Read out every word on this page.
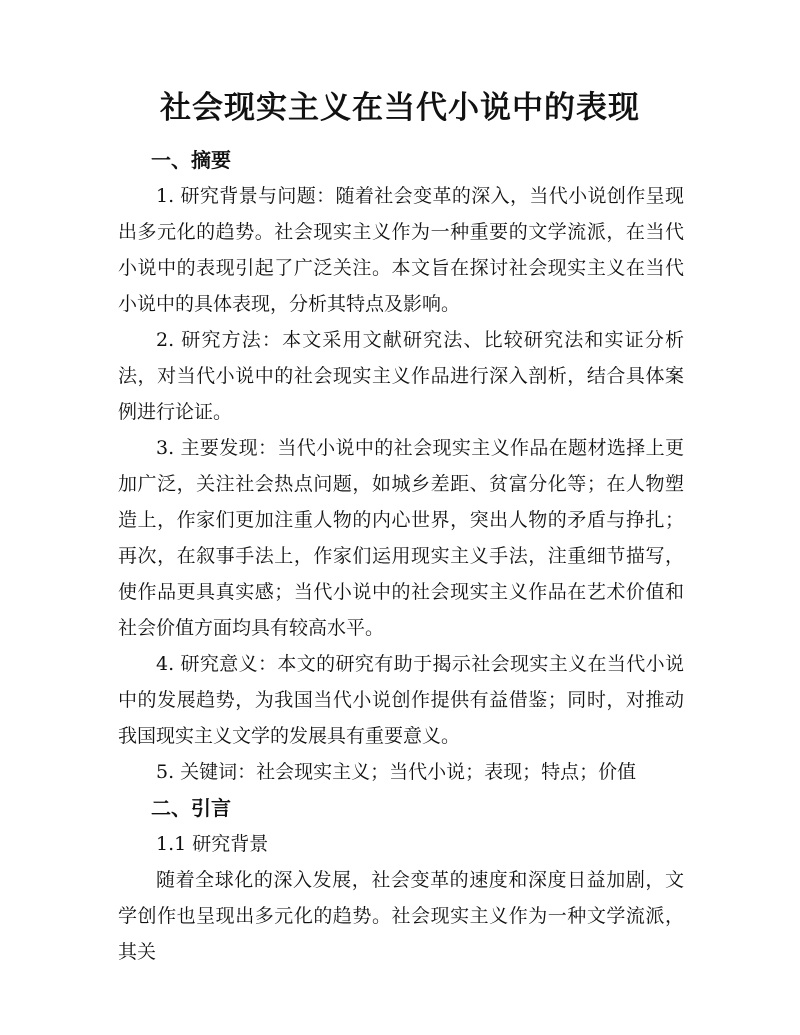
社会现实主义在当代小说中的表现
一、摘要

1. 研究背景与问题：随着社会变革的深入，当代小说创作呈现出多元化的趋势。社会现实主义作为一种重要的文学流派，在当代小说中的表现引起了广泛关注。本文旨在探讨社会现实主义在当代小说中的具体表现，分析其特点及影响。

2. 研究方法：本文采用文献研究法、比较研究法和实证分析法，对当代小说中的社会现实主义作品进行深入剖析，结合具体案例进行论证。

3. 主要发现：当代小说中的社会现实主义作品在题材选择上更加广泛，关注社会热点问题，如城乡差距、贫富分化等；在人物塑造上，作家们更加注重人物的内心世界，突出人物的矛盾与挣扎；再次，在叙事手法上，作家们运用现实主义手法，注重细节描写，使作品更具真实感；当代小说中的社会现实主义作品在艺术价值和社会价值方面均具有较高水平。

4. 研究意义：本文的研究有助于揭示社会现实主义在当代小说中的发展趋势，为我国当代小说创作提供有益借鉴；同时，对推动我国现实主义文学的发展具有重要意义。

5. 关键词：社会现实主义；当代小说；表现；特点；价值

二、引言

1.1 研究背景

随着全球化的深入发展，社会变革的速度和深度日益加剧，文学创作也呈现出多元化的趋势。社会现实主义作为一种文学流派，其关
